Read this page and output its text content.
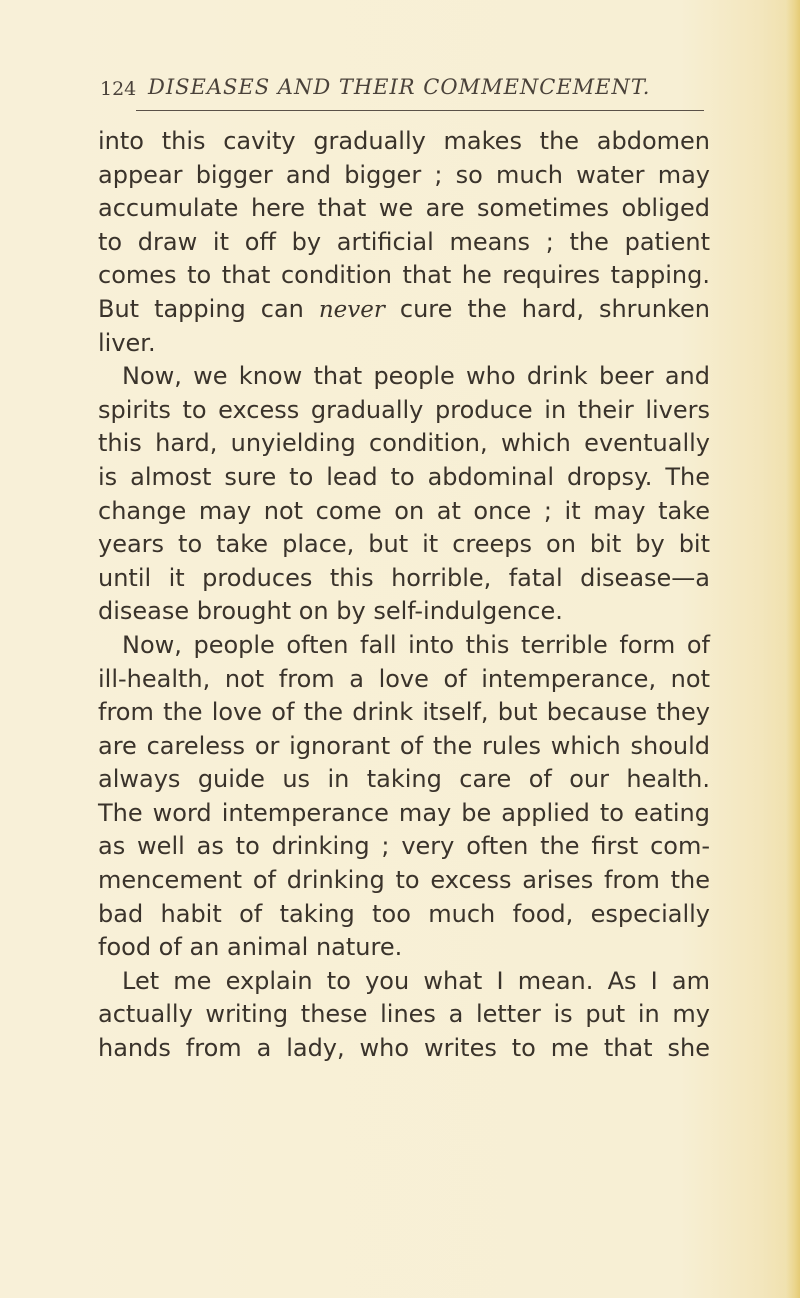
124 DISEASES AND THEIR COMMENCEMENT.
into this cavity gradually makes the abdomen
appear bigger and bigger ; so much water may
accumulate here that we are sometimes obliged
to draw it off by artificial means ; the patient
comes to that condition that he requires tapping.
But tapping can never cure the hard, shrunken
liver.
Now, we know that people who drink beer and
spirits to excess gradually produce in their livers
this hard, unyielding condition, which eventually
is almost sure to lead to abdominal dropsy. The
change may not come on at once ; it may take
years to take place, but it creeps on bit by bit
until it produces this horrible, fatal disease—a
disease brought on by self-indulgence.
Now, people often fall into this terrible form of
ill-health, not from a love of intemperance, not
from the love of the drink itself, but because they
are careless or ignorant of the rules which should
always guide us in taking care of our health.
The word intemperance may be applied to eating
as well as to drinking ; very often the first com-
mencement of drinking to excess arises from the
bad habit of taking too much food, especially
food of an animal nature.
Let me explain to you what I mean. As I am
actually writing these lines a letter is put in my
hands from a lady, who writes to me that she
